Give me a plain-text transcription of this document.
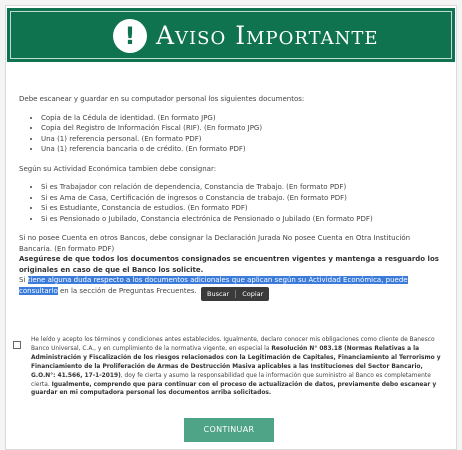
! Aviso Importante

Debe escanear y guardar en su computador personal los siguientes documentos:

• Copia de la Cédula de identidad. (En formato JPG)
• Copia del Registro de Información Fiscal (RIF). (En formato JPG)
• Una (1) referencia personal. (En formato PDF)
• Una (1) referencia bancaria o de crédito. (En formato PDF)

Según su Actividad Económica tambien debe consignar:

• Si es Trabajador con relación de dependencia, Constancia de Trabajo. (En formato PDF)
• Si es Ama de Casa, Certificación de ingresos o Constancia de trabajo. (En formato PDF)
• Si es Estudiante, Constancia de estudios. (En formato PDF)
• Si es Pensionado o Jubilado, Constancia electrónica de Pensionado o Jubilado (En formato PDF)

Si no posee Cuenta en otros Bancos, debe consignar la Declaración Jurada No posee Cuenta en Otra Institución Bancaria. (En formato PDF)

Asegúrese de que todos los documentos consignados se encuentren vigentes y mantenga a resguardo los originales en caso de que el Banco los solicite.

Si tiene alguna duda respecto a los documentos adicionales que aplican según su Actividad Económica, puede consultarlo en la sección de Preguntas Frecuentes.	Buscar	Copiar
He leído y acepto los términos y condiciones antes establecidos. Igualmente, declaro conocer mis obligaciones como cliente de Banesco Banco Universal, C.A., y en cumplimiento de la normativa vigente, en especial la Resolución N° 083.18 (Normas Relativas a la Administración y Fiscalización de los riesgos relacionados con la Legitimación de Capitales, Financiamiento al Terrorismo y Financiamiento de la Proliferación de Armas de Destrucción Masiva aplicables a las Instituciones del Sector Bancario, G.O.N°: 41.566, 17-1-2019), doy fe cierta y asumo la responsabilidad que la información que suministro al Banco es completamente cierta. Igualmente, comprendo que para continuar con el proceso de actualización de datos, previamente debo escanear y guardar en mi computadora personal los documentos arriba solicitados.
CONTINUAR
